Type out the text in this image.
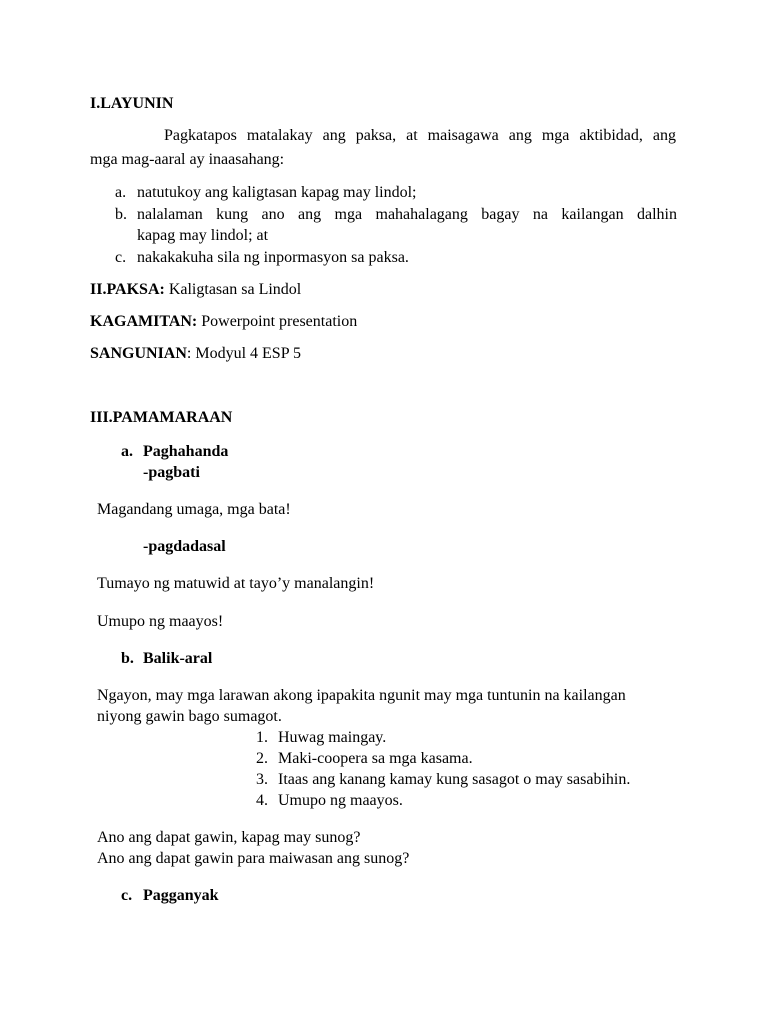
I.LAYUNIN
Pagkatapos matalakay ang paksa, at maisagawa ang mga aktibidad, ang
mga mag-aaral ay inaasahang:
a. natutukoy ang kaligtasan kapag may lindol;
b. nalalaman kung ano ang mga mahahalagang bagay na kailangan dalhin
kapag may lindol; at
c. nakakakuha sila ng inpormasyon sa paksa.
II.PAKSA: Kaligtasan sa Lindol
KAGAMITAN: Powerpoint presentation
SANGUNIAN: Modyul 4 ESP 5
III.PAMAMARAAN
a. Paghahanda
-pagbati
Magandang umaga, mga bata!
-pagdadasal
Tumayo ng matuwid at tayo’y manalangin!
Umupo ng maayos!
b. Balik-aral
Ngayon, may mga larawan akong ipapakita ngunit may mga tuntunin na kailangan
niyong gawin bago sumagot.
1. Huwag maingay.
2. Maki-coopera sa mga kasama.
3. Itaas ang kanang kamay kung sasagot o may sasabihin.
4. Umupo ng maayos.
Ano ang dapat gawin, kapag may sunog?
Ano ang dapat gawin para maiwasan ang sunog?
c. Pagganyak
